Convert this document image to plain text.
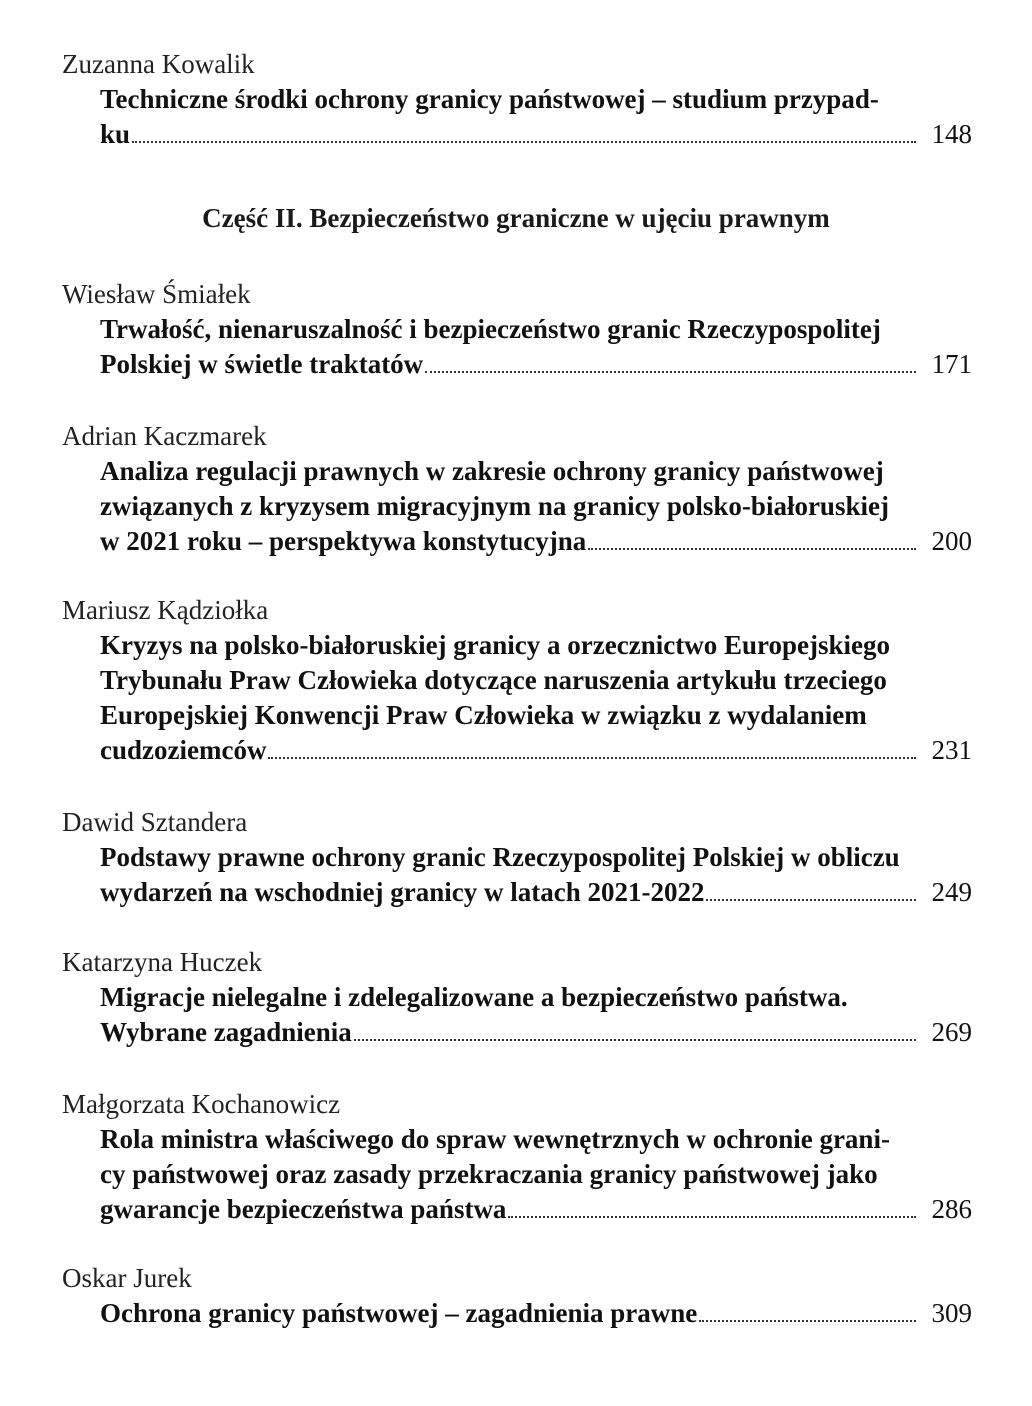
Część II. Bezpieczeństwo graniczne w ujęciu prawnym
Zuzanna Kowalik
Techniczne środki ochrony granicy państwowej – studium przypad-
ku	148
Wiesław Śmiałek
Trwałość, nienaruszalność i bezpieczeństwo granic Rzeczypospolitej
Polskiej w świetle traktatów	171
Adrian Kaczmarek
Analiza regulacji prawnych w zakresie ochrony granicy państwowej
związanych z kryzysem migracyjnym na granicy polsko-białoruskiej
w 2021 roku – perspektywa konstytucyjna	200
Mariusz Kądziołka
Kryzys na polsko-białoruskiej granicy a orzecznictwo Europejskiego
Trybunału Praw Człowieka dotyczące naruszenia artykułu trzeciego
Europejskiej Konwencji Praw Człowieka w związku z wydalaniem
cudzoziemców	231
Dawid Sztandera
Podstawy prawne ochrony granic Rzeczypospolitej Polskiej w obliczu
wydarzeń na wschodniej granicy w latach 2021-2022	249
Katarzyna Huczek
Migracje nielegalne i zdelegalizowane a bezpieczeństwo państwa.
Wybrane zagadnienia	269
Małgorzata Kochanowicz
Rola ministra właściwego do spraw wewnętrznych w ochronie grani-
cy państwowej oraz zasady przekraczania granicy państwowej jako
gwarancje bezpieczeństwa państwa	286
Oskar Jurek
Ochrona granicy państwowej – zagadnienia prawne	309
